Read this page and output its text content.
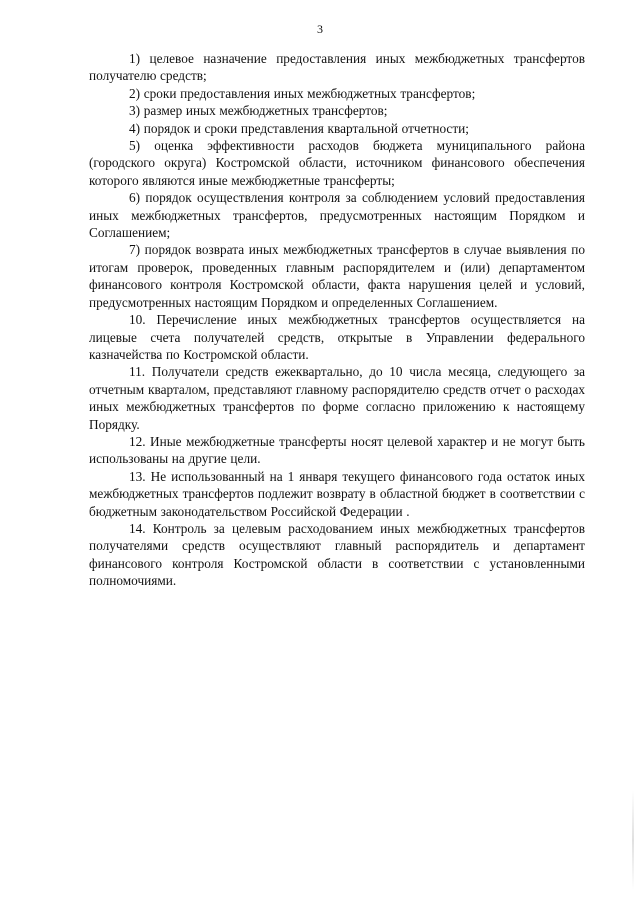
3

1) целевое назначение предоставления иных межбюджетных трансфертов получателю средств;

2) сроки предоставления иных межбюджетных трансфертов;

3) размер иных межбюджетных трансфертов;

4) порядок и сроки представления квартальной отчетности;

5) оценка эффективности расходов бюджета муниципального района (городского округа) Костромской области, источником финансового обеспечения которого являются иные межбюджетные трансферты;

6) порядок осуществления контроля за соблюдением условий предоставления иных межбюджетных трансфертов, предусмотренных настоящим Порядком и Соглашением;

7) порядок возврата иных межбюджетных трансфертов в случае выявления по итогам проверок, проведенных главным распорядителем и (или) департаментом финансового контроля Костромской области, факта нарушения целей и условий, предусмотренных настоящим Порядком и определенных Соглашением.

10. Перечисление иных межбюджетных трансфертов осуществляется на лицевые счета получателей средств, открытые в Управлении федерального казначейства по Костромской области.

11. Получатели средств ежеквартально, до 10 числа месяца, следующего за отчетным кварталом, представляют главному распорядителю средств отчет о расходах иных межбюджетных трансфертов по форме согласно приложению к настоящему Порядку.

12. Иные межбюджетные трансферты носят целевой характер и не могут быть использованы на другие цели.

13. Не использованный на 1 января текущего финансового года остаток иных межбюджетных трансфертов подлежит возврату в областной бюджет в соответствии с бюджетным законодательством Российской Федерации .

14. Контроль за целевым расходованием иных межбюджетных трансфертов получателями средств осуществляют главный распорядитель и департамент финансового контроля Костромской области в соответствии с установленными полномочиями.
